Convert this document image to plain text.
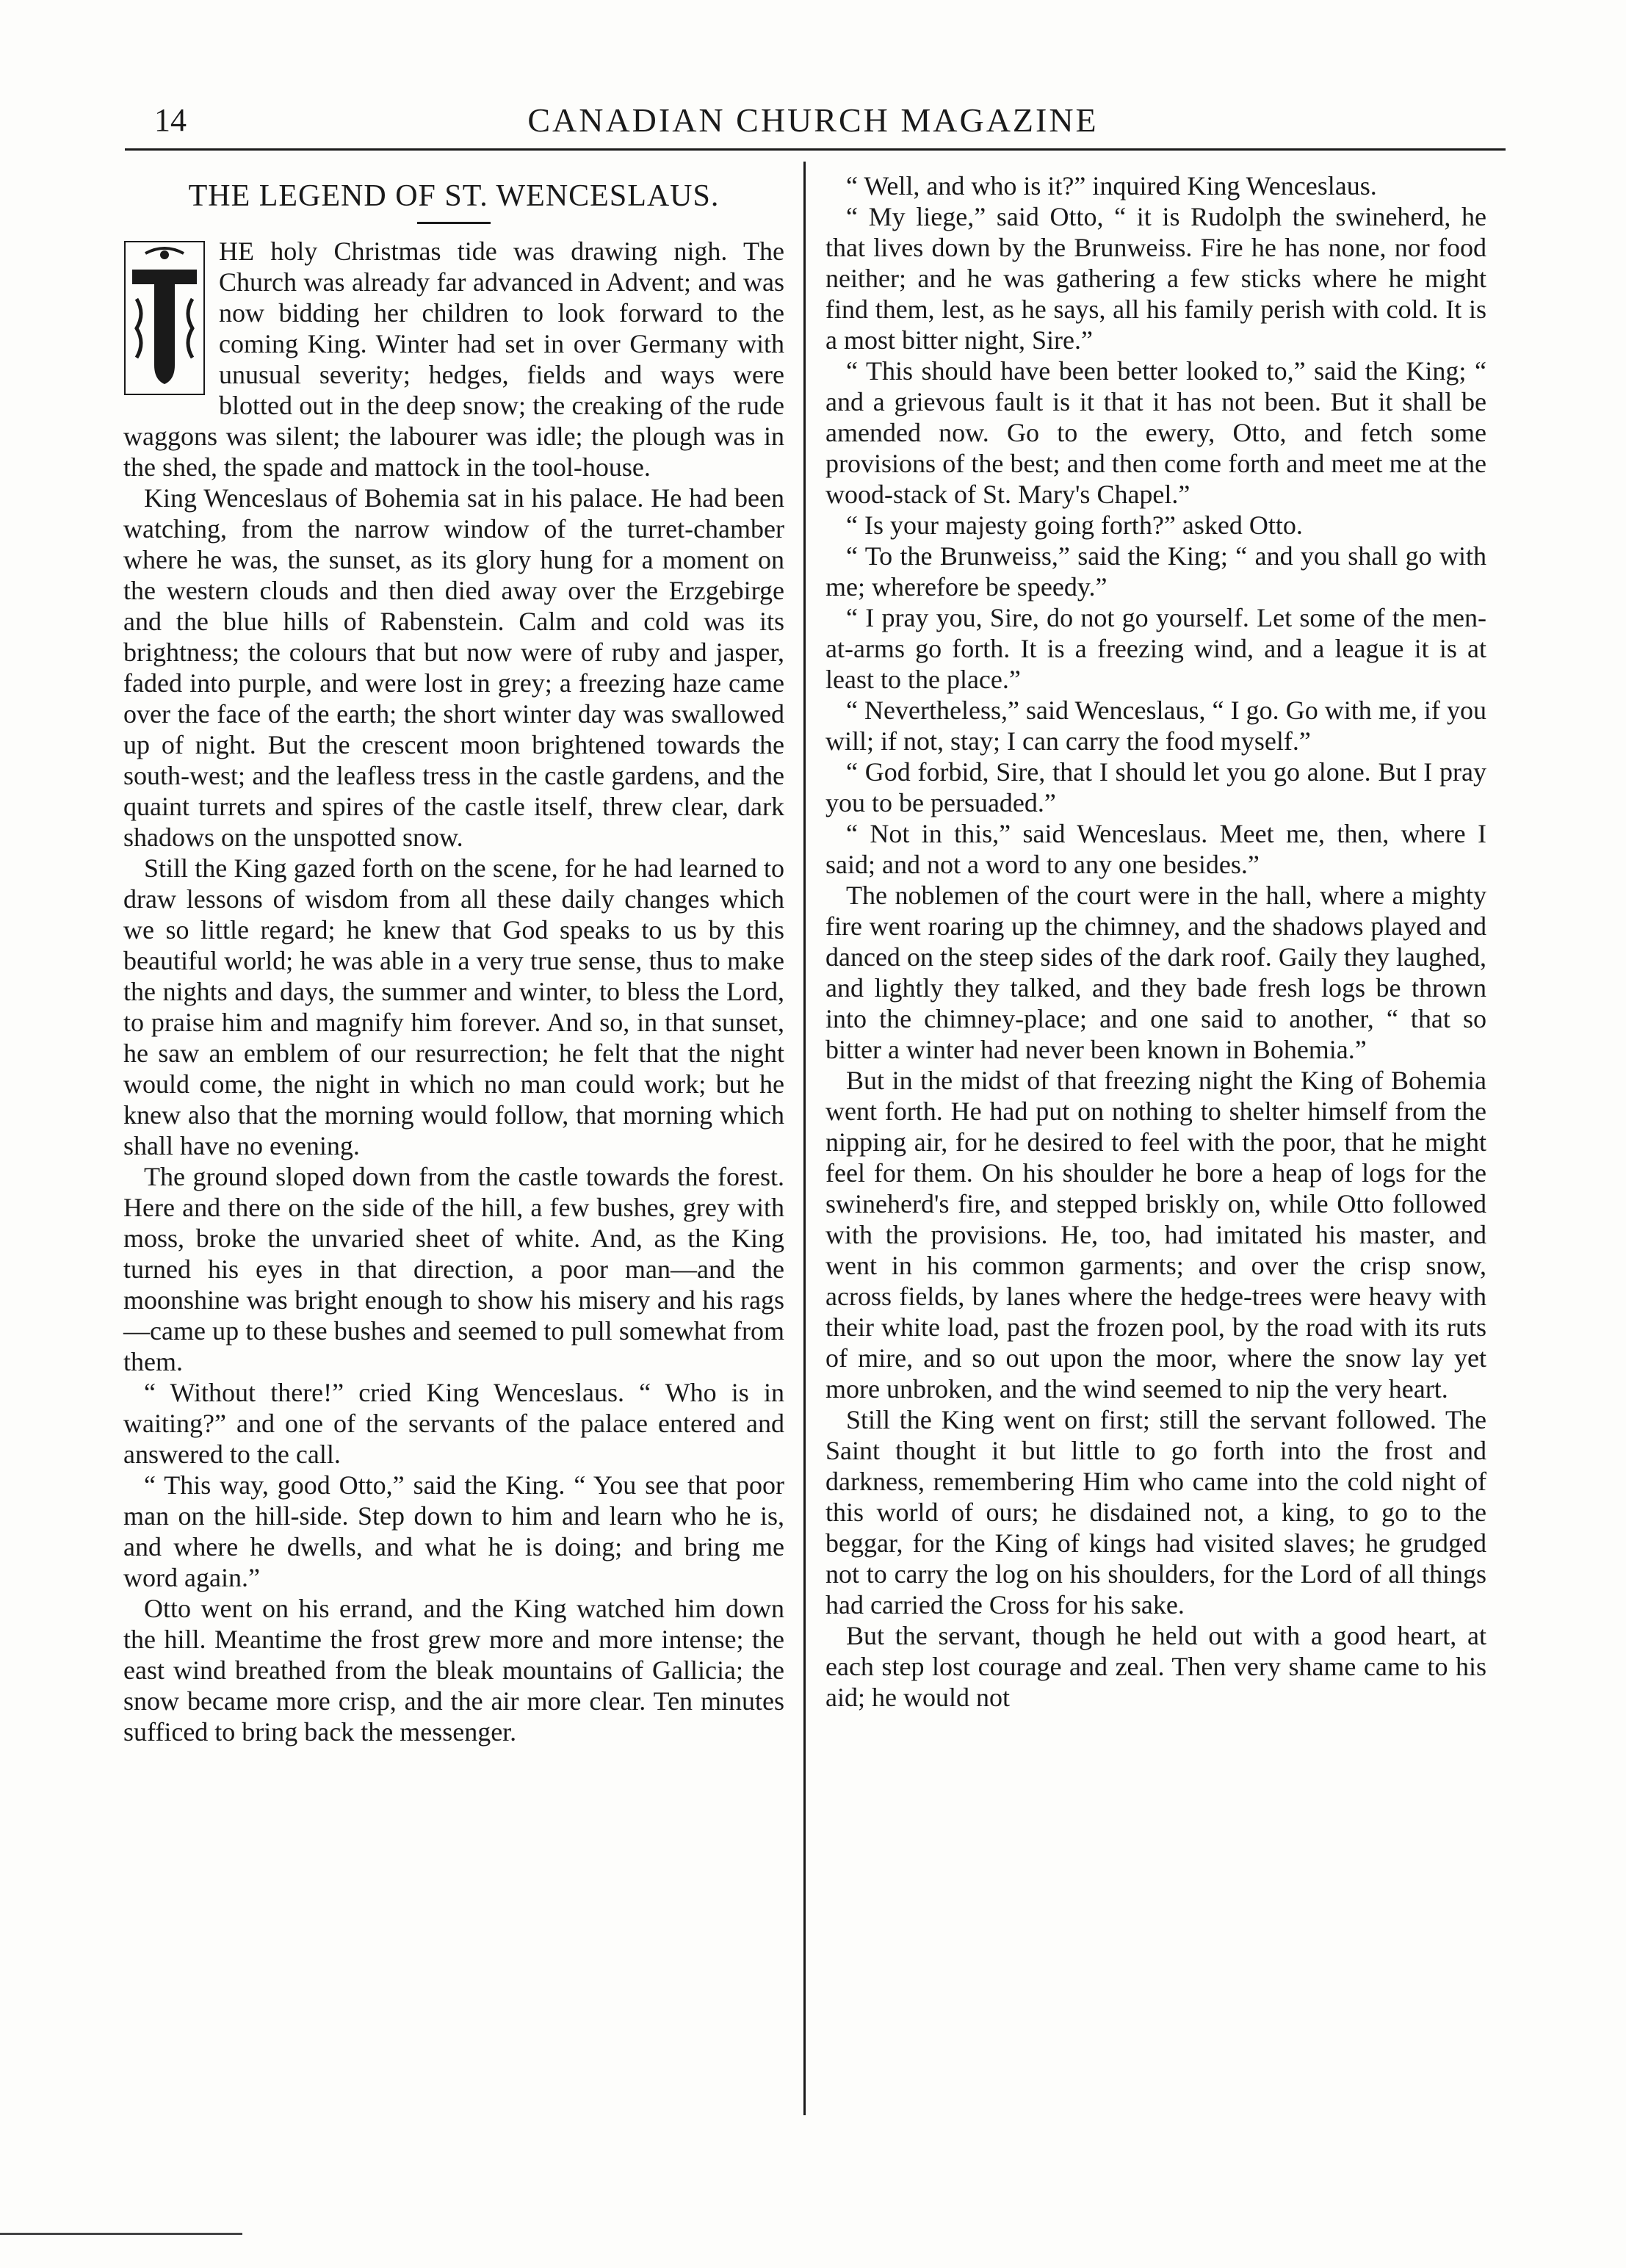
14	CANADIAN CHURCH MAGAZINE
THE LEGEND OF ST. WENCESLAUS.

HE holy Christmas tide was drawing nigh. The Church was already far advanced in Advent; and was now bidding her children to look forward to the coming King. Winter had set in over Germany with unusual severity; hedges, fields and ways were blotted out in the deep snow; the creaking of the rude waggons was silent; the labourer was idle; the plough was in the shed, the spade and mattock in the tool-house.

King Wenceslaus of Bohemia sat in his palace. He had been watching, from the narrow window of the turret-chamber where he was, the sunset, as its glory hung for a moment on the western clouds and then died away over the Erzgebirge and the blue hills of Rabenstein. Calm and cold was its brightness; the colours that but now were of ruby and jasper, faded into purple, and were lost in grey; a freezing haze came over the face of the earth; the short winter day was swallowed up of night. But the crescent moon brightened towards the south-west; and the leafless tress in the castle gardens, and the quaint turrets and spires of the castle itself, threw clear, dark shadows on the unspotted snow.

Still the King gazed forth on the scene, for he had learned to draw lessons of wisdom from all these daily changes which we so little regard; he knew that God speaks to us by this beautiful world; he was able in a very true sense, thus to make the nights and days, the summer and winter, to bless the Lord, to praise him and magnify him forever. And so, in that sunset, he saw an emblem of our resurrection; he felt that the night would come, the night in which no man could work; but he knew also that the morning would follow, that morning which shall have no evening.

The ground sloped down from the castle towards the forest. Here and there on the side of the hill, a few bushes, grey with moss, broke the unvaried sheet of white. And, as the King turned his eyes in that direction, a poor man—and the moonshine was bright enough to show his misery and his rags—came up to these bushes and seemed to pull somewhat from them.

“ Without there!” cried King Wenceslaus. “ Who is in waiting?” and one of the servants of the palace entered and answered to the call.

“ This way, good Otto,” said the King. “ You see that poor man on the hill-side. Step down to him and learn who he is, and where he dwells, and what he is doing; and bring me word again.”

Otto went on his errand, and the King watched him down the hill. Meantime the frost grew more and more intense; the east wind breathed from the bleak mountains of Gallicia; the snow became more crisp, and the air more clear. Ten minutes sufficed to bring back the messenger.

“ Well, and who is it?” inquired King Wenceslaus.

“ My liege,” said Otto, “ it is Rudolph the swineherd, he that lives down by the Brunweiss. Fire he has none, nor food neither; and he was gathering a few sticks where he might find them, lest, as he says, all his family perish with cold. It is a most bitter night, Sire.”

“ This should have been better looked to,” said the King; “ and a grievous fault is it that it has not been. But it shall be amended now. Go to the ewery, Otto, and fetch some provisions of the best; and then come forth and meet me at the wood-stack of St. Mary's Chapel.”

“ Is your majesty going forth?” asked Otto.

“ To the Brunweiss,” said the King; “ and you shall go with me; wherefore be speedy.”

“ I pray you, Sire, do not go yourself. Let some of the men-at-arms go forth. It is a freezing wind, and a league it is at least to the place.”

“ Nevertheless,” said Wenceslaus, “ I go. Go with me, if you will; if not, stay; I can carry the food myself.”

“ God forbid, Sire, that I should let you go alone. But I pray you to be persuaded.”

“ Not in this,” said Wenceslaus. Meet me, then, where I said; and not a word to any one besides.”

The noblemen of the court were in the hall, where a mighty fire went roaring up the chimney, and the shadows played and danced on the steep sides of the dark roof. Gaily they laughed, and lightly they talked, and they bade fresh logs be thrown into the chimney-place; and one said to another, “ that so bitter a winter had never been known in Bohemia.”

But in the midst of that freezing night the King of Bohemia went forth. He had put on nothing to shelter himself from the nipping air, for he desired to feel with the poor, that he might feel for them. On his shoulder he bore a heap of logs for the swineherd's fire, and stepped briskly on, while Otto followed with the provisions. He, too, had imitated his master, and went in his common garments; and over the crisp snow, across fields, by lanes where the hedge-trees were heavy with their white load, past the frozen pool, by the road with its ruts of mire, and so out upon the moor, where the snow lay yet more unbroken, and the wind seemed to nip the very heart.

Still the King went on first; still the servant followed. The Saint thought it but little to go forth into the frost and darkness, remembering Him who came into the cold night of this world of ours; he disdained not, a king, to go to the beggar, for the King of kings had visited slaves; he grudged not to carry the log on his shoulders, for the Lord of all things had carried the Cross for his sake.

But the servant, though he held out with a good heart, at each step lost courage and zeal. Then very shame came to his aid; he would not
